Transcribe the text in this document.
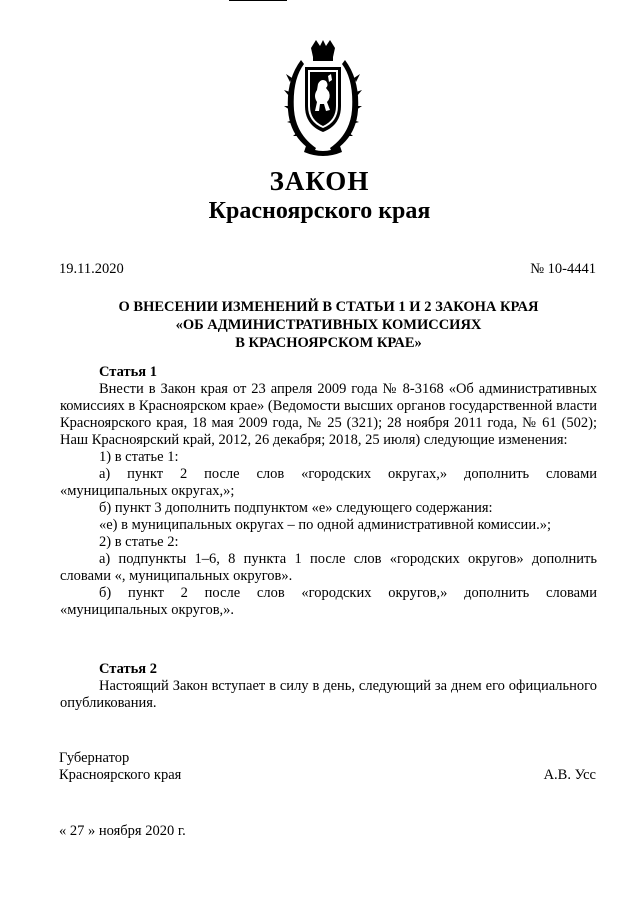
ЗАКОН
Красноярского края
19.11.2020	№ 10-4441
О ВНЕСЕНИИ ИЗМЕНЕНИЙ В СТАТЬИ 1 И 2 ЗАКОНА КРАЯ
«ОБ АДМИНИСТРАТИВНЫХ КОМИССИЯХ
В КРАСНОЯРСКОМ КРАЕ»
Статья 1

Внести в Закон края от 23 апреля 2009 года № 8-3168 «Об административных комиссиях в Красноярском крае» (Ведомости высших органов государственной власти Красноярского края, 18 мая 2009 года, № 25 (321); 28 ноября 2011 года, № 61 (502); Наш Красноярский край, 2012, 26 декабря; 2018, 25 июля) следующие изменения:

1) в статье 1:

а) пункт 2 после слов «городских округах,» дополнить словами «муниципальных округах,»;

б) пункт 3 дополнить подпунктом «е» следующего содержания:

«е) в муниципальных округах – по одной административной комиссии.»;

2) в статье 2:

а) подпункты 1–6, 8 пункта 1 после слов «городских округов» дополнить словами «, муниципальных округов».

б) пункт 2 после слов «городских округов,» дополнить словами «муниципальных округов,».

Статья 2

Настоящий Закон вступает в силу в день, следующий за днем его официального опубликования.

Губернатор
Красноярского края	А.В. Усс
« 27 » ноября 2020 г.
